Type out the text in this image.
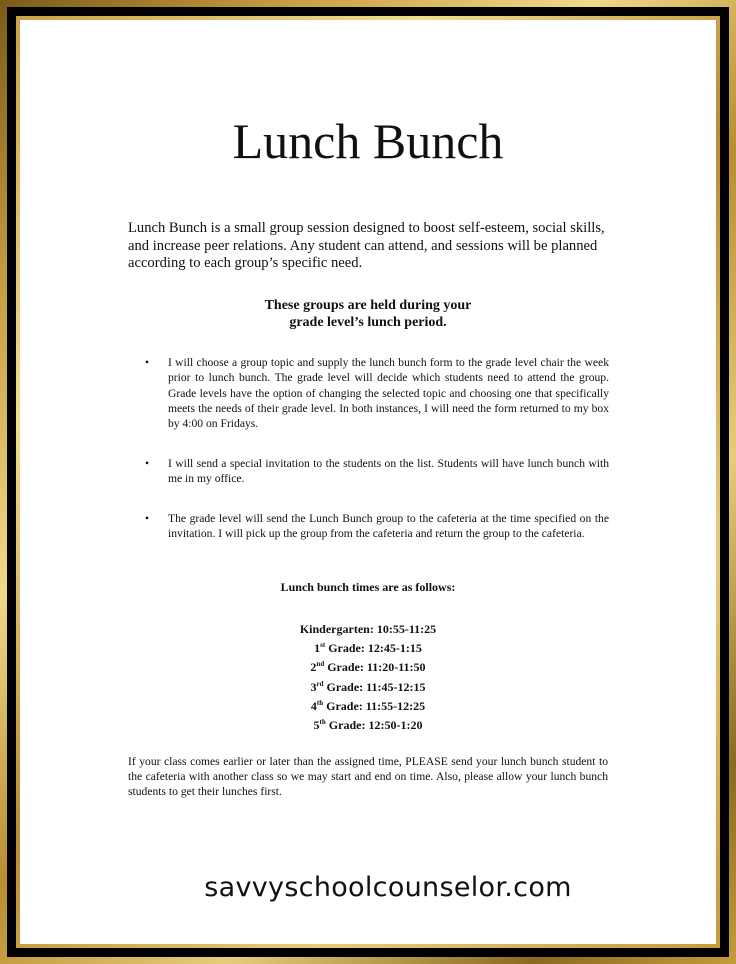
Lunch Bunch
Lunch Bunch is a small group session designed to boost self-esteem, social skills, and increase peer relations. Any student can attend, and sessions will be planned according to each group’s specific need.
These groups are held during your
grade level’s lunch period.
• I will choose a group topic and supply the lunch bunch form to the grade level chair the week prior to lunch bunch. The grade level will decide which students need to attend the group. Grade levels have the option of changing the selected topic and choosing one that specifically meets the needs of their grade level. In both instances, I will need the form returned to my box by 4:00 on Fridays.
• I will send a special invitation to the students on the list. Students will have lunch bunch with me in my office.
• The grade level will send the Lunch Bunch group to the cafeteria at the time specified on the invitation. I will pick up the group from the cafeteria and return the group to the cafeteria.
Lunch bunch times are as follows:
Kindergarten: 10:55-11:25
1st Grade: 12:45-1:15
2nd Grade: 11:20-11:50
3rd Grade: 11:45-12:15
4th Grade: 11:55-12:25
5th Grade: 12:50-1:20
If your class comes earlier or later than the assigned time, PLEASE send your lunch bunch student to the cafeteria with another class so we may start and end on time. Also, please allow your lunch bunch students to get their lunches first.
savvyschoolcounselor.com
